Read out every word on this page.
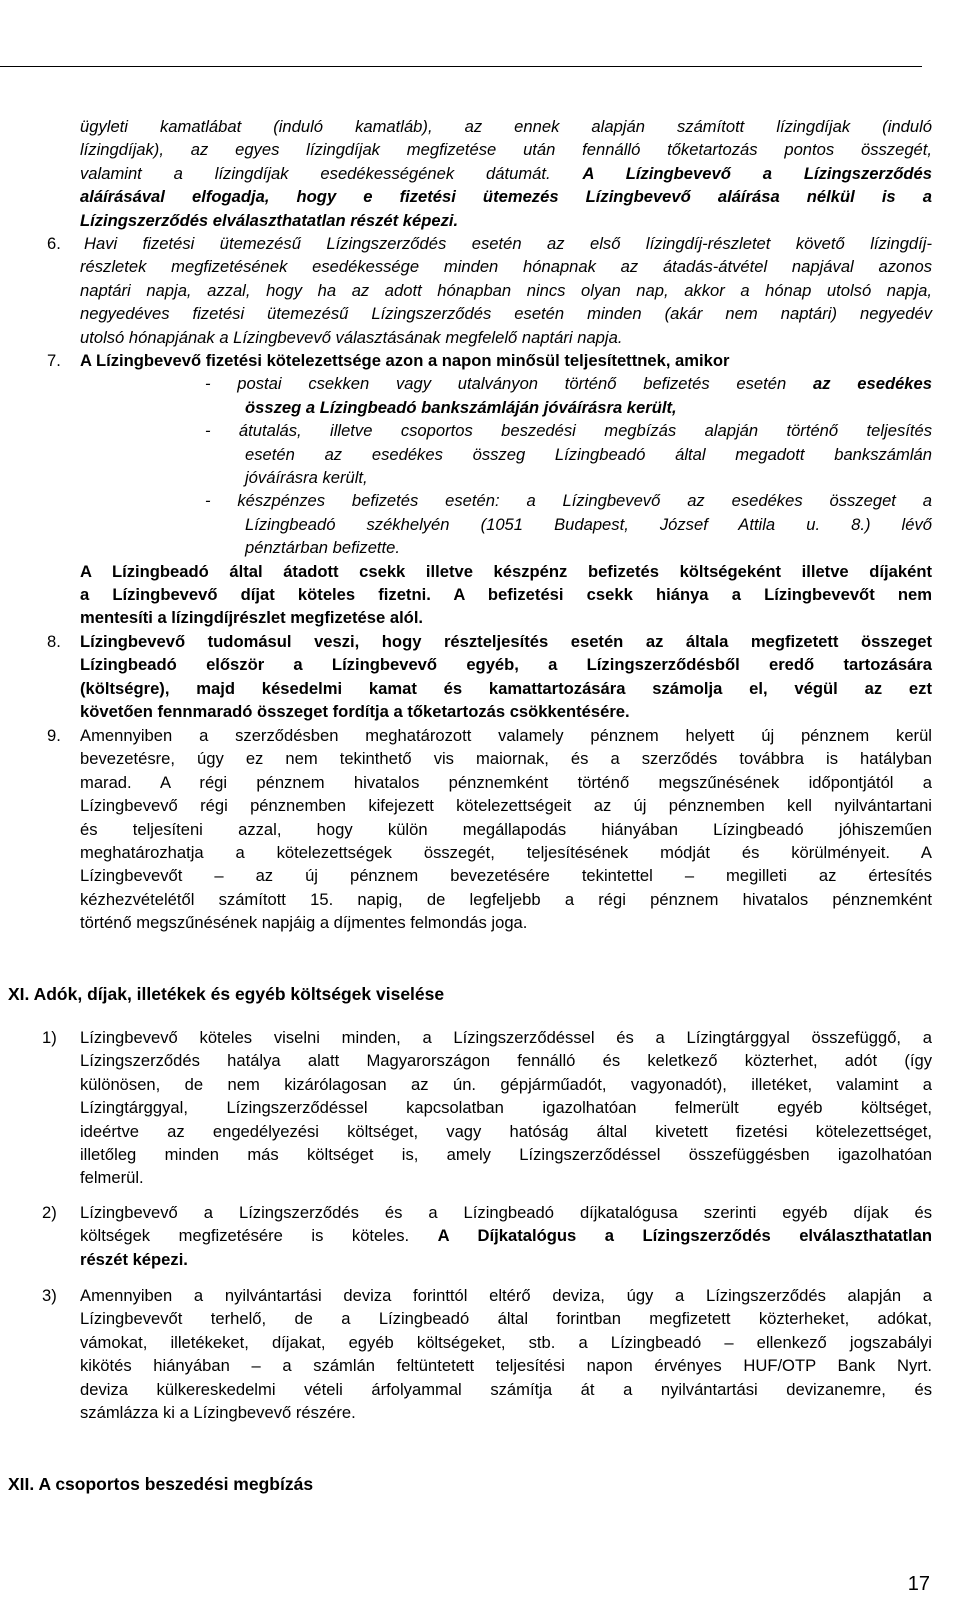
Termelőeszköz zártvégű pénzügyi lízing
Merkantil Bank Zrt.
2014. március 15.
ügyleti kamatlábat (induló kamatláb), az ennek alapján számított lízingdíjak (induló
lízingdíjak), az egyes lízingdíjak megfizetése után fennálló tőketartozás pontos összegét,
valamint a lízingdíjak esedékességének dátumát. A Lízingbevevő a Lízingszerződés
aláírásával elfogadja, hogy e fizetési ütemezés Lízingbevevő aláírása nélkül is a
Lízingszerződés elválaszthatatlan részét képezi.
6. Havi fizetési ütemezésű Lízingszerződés esetén az első lízingdíj-részletet követő lízingdíj-
részletek megfizetésének esedékessége minden hónapnak az átadás-átvétel napjával azonos
naptári napja, azzal, hogy ha az adott hónapban nincs olyan nap, akkor a hónap utolsó napja,
negyedéves fizetési ütemezésű Lízingszerződés esetén minden (akár nem naptári) negyedév
utolsó hónapjának a Lízingbevevő választásának megfelelő naptári napja.
7. A Lízingbevevő fizetési kötelezettsége azon a napon minősül teljesítettnek, amikor
- postai csekken vagy utalványon történő befizetés esetén az esedékes
összeg a Lízingbeadó bankszámláján jóváírásra került,
- átutalás, illetve csoportos beszedési megbízás alapján történő teljesítés
esetén az esedékes összeg Lízingbeadó által megadott bankszámlán
jóváírásra került,
- készpénzes befizetés esetén: a Lízingbevevő az esedékes összeget a
Lízingbeadó székhelyén (1051 Budapest, József Attila u. 8.) lévő
pénztárban befizette.
A Lízingbeadó által átadott csekk illetve készpénz befizetés költségeként illetve díjaként
a Lízingbevevő díjat köteles fizetni. A befizetési csekk hiánya a Lízingbevevőt nem
mentesíti a lízingdíjrészlet megfizetése alól.
8. Lízingbevevő tudomásul veszi, hogy részteljesítés esetén az általa megfizetett összeget
Lízingbeadó először a Lízingbevevő egyéb, a Lízingszerződésből eredő tartozására
(költségre), majd késedelmi kamat és kamattartozására számolja el, végül az ezt
követően fennmaradó összeget fordítja a tőketartozás csökkentésére.
9. Amennyiben a szerződésben meghatározott valamely pénznem helyett új pénznem kerül
bevezetésre, úgy ez nem tekinthető vis maiornak, és a szerződés továbbra is hatályban
marad. A régi pénznem hivatalos pénznemként történő megszűnésének időpontjától a
Lízingbevevő régi pénznemben kifejezett kötelezettségeit az új pénznemben kell nyilvántartani
és teljesíteni azzal, hogy külön megállapodás hiányában Lízingbeadó jóhiszeműen
meghatározhatja a kötelezettségek összegét, teljesítésének módját és körülményeit. A
Lízingbevevőt – az új pénznem bevezetésére tekintettel – megilleti az értesítés
kézhezvételétől számított 15. napig, de legfeljebb a régi pénznem hivatalos pénznemként
történő megszűnésének napjáig a díjmentes felmondás joga.
XI. Adók, díjak, illetékek és egyéb költségek viselése
1) Lízingbevevő köteles viselni minden, a Lízingszerződéssel és a Lízingtárggyal összefüggő, a
Lízingszerződés hatálya alatt Magyarországon fennálló és keletkező közterhet, adót (így
különösen, de nem kizárólagosan az ún. gépjárműadót, vagyonadót), illetéket, valamint a
Lízingtárggyal, Lízingszerződéssel kapcsolatban igazolhatóan felmerült egyéb költséget,
ideértve az engedélyezési költséget, vagy hatóság által kivetett fizetési kötelezettséget,
illetőleg minden más költséget is, amely Lízingszerződéssel összefüggésben igazolhatóan
felmerül.
2) Lízingbevevő a Lízingszerződés és a Lízingbeadó díjkatalógusa szerinti egyéb díjak és
költségek megfizetésére is köteles. A Díjkatalógus a Lízingszerződés elválaszthatatlan
részét képezi.
3) Amennyiben a nyilvántartási deviza forinttól eltérő deviza, úgy a Lízingszerződés alapján a
Lízingbevevőt terhelő, de a Lízingbeadó által forintban megfizetett közterheket, adókat,
vámokat, illetékeket, díjakat, egyéb költségeket, stb. a Lízingbeadó – ellenkező jogszabályi
kikötés hiányában – a számlán feltüntetett teljesítési napon érvényes HUF/OTP Bank Nyrt.
deviza külkereskedelmi vételi árfolyammal számítja át a nyilvántartási devizanemre, és
számlázza ki a Lízingbevevő részére.
XII. A csoportos beszedési megbízás
17
